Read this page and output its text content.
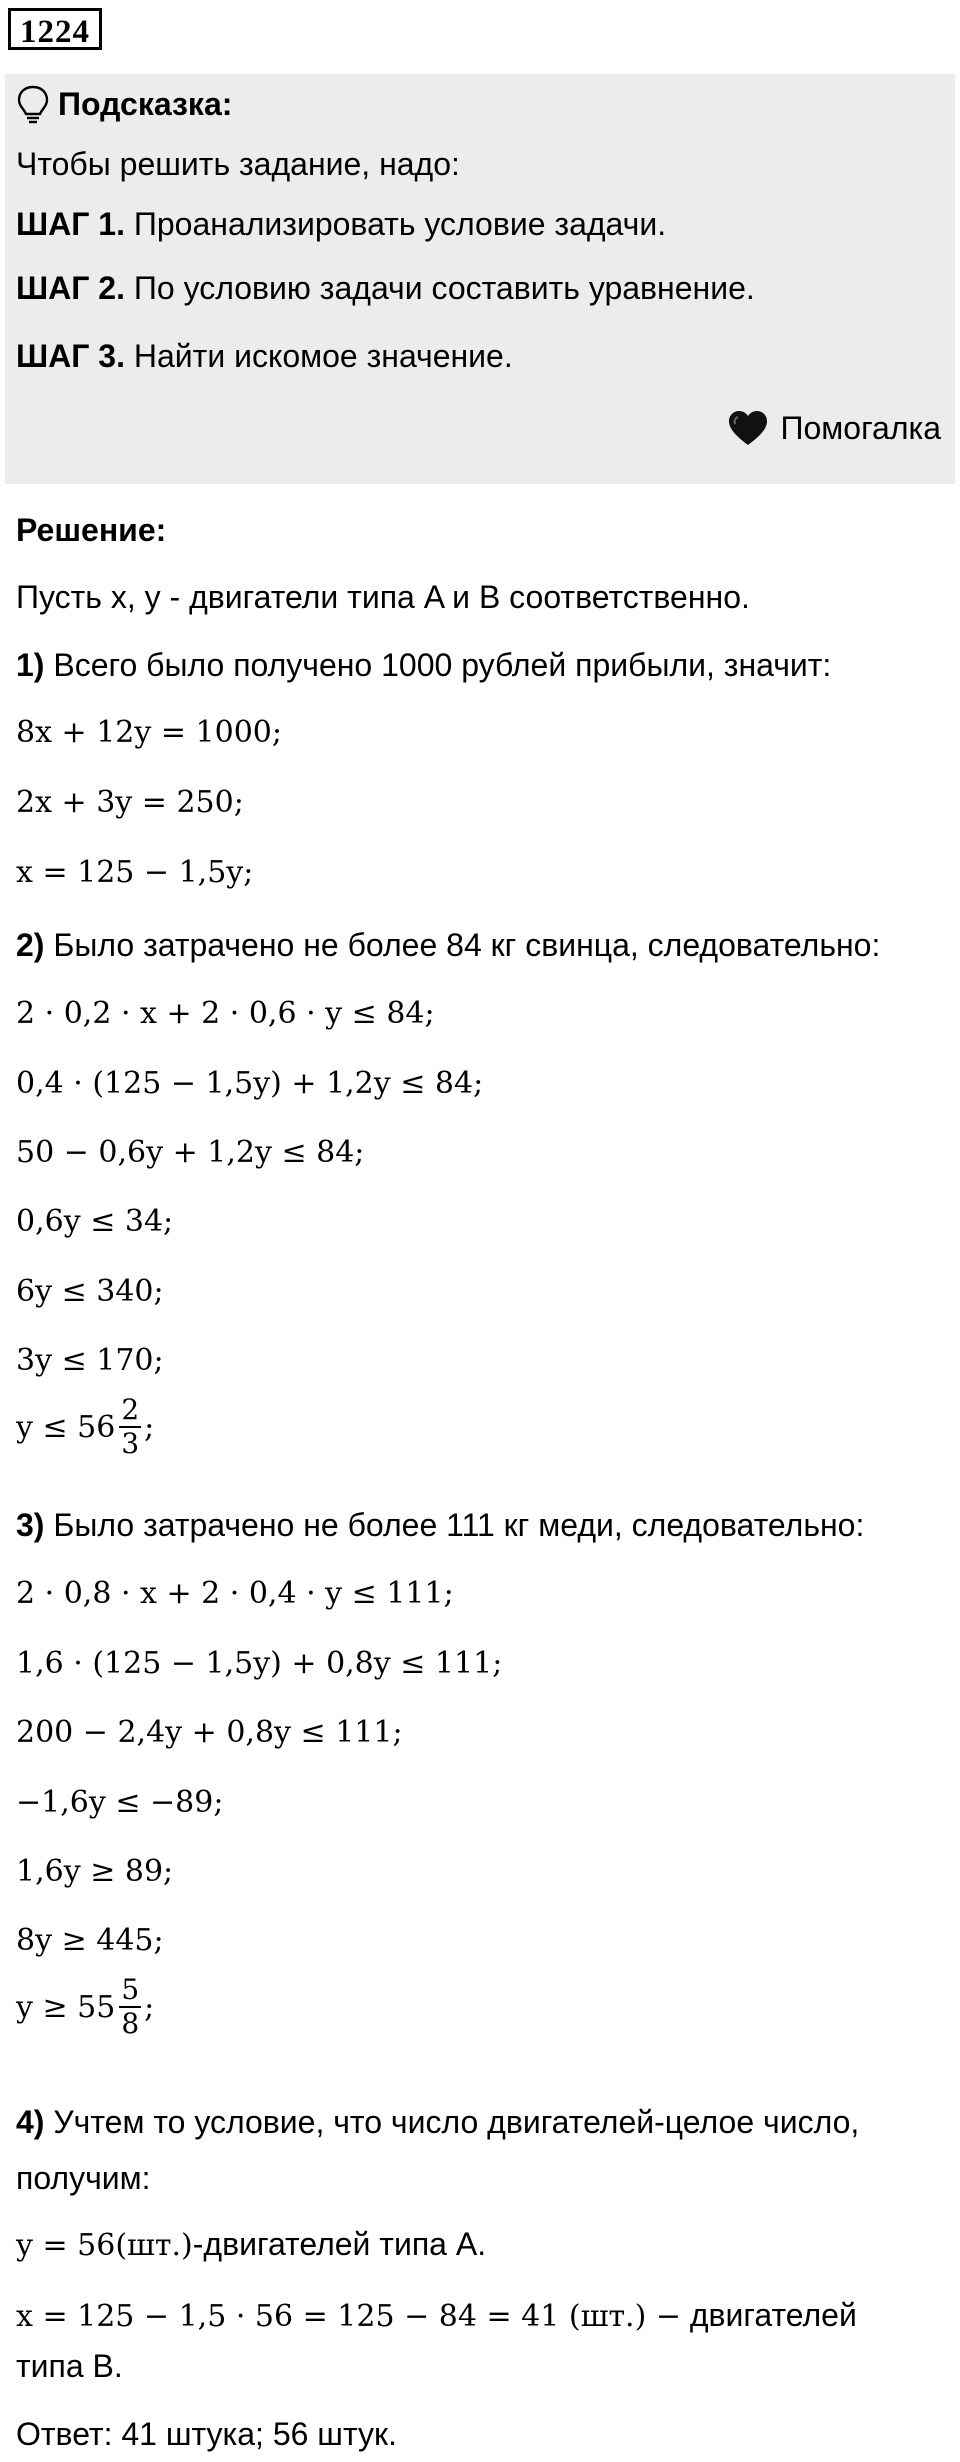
1224
Подсказка:
Чтобы решить задание, надо:
ШАГ 1. Проанализировать условие задачи.
ШАГ 2. По условию задачи составить уравнение.
ШАГ 3. Найти искомое значение.
Помогалка
Решение:
Пусть x, y - двигатели типа A и B соответственно.
1) Всего было получено 1000 рублей прибыли, значит:
8x + 12y = 1000;
2x + 3y = 250;
x = 125 − 1,5y;
2) Было затрачено не более 84 кг свинца, следовательно:
2 · 0,2 · x + 2 · 0,6 · y ≤ 84;
0,4 · (125 − 1,5y) + 1,2y ≤ 84;
50 − 0,6y + 1,2y ≤ 84;
0,6y ≤ 34;
6y ≤ 340;
3y ≤ 170;
$y \le 56 \frac{2}{3}$ ;
3) Было затрачено не более 111 кг меди, следовательно:
2 · 0,8 · x + 2 · 0,4 · y ≤ 111;
1,6 · (125 − 1,5y) + 0,8y ≤ 111;
200 − 2,4y + 0,8y ≤ 111;
−1,6y ≤ −89;
1,6y ≥ 89;
8y ≥ 445;
$y \ge 55 \frac{5}{8}$ ;
4) Учтем то условие, что число двигателей-целое число,
получим:
y = 56(шт.)-двигателей типа A.
x = 125 − 1,5 · 56 = 125 − 84 = 41 (шт.) − двигателей
типа B.
Ответ: 41 штука; 56 штук.
